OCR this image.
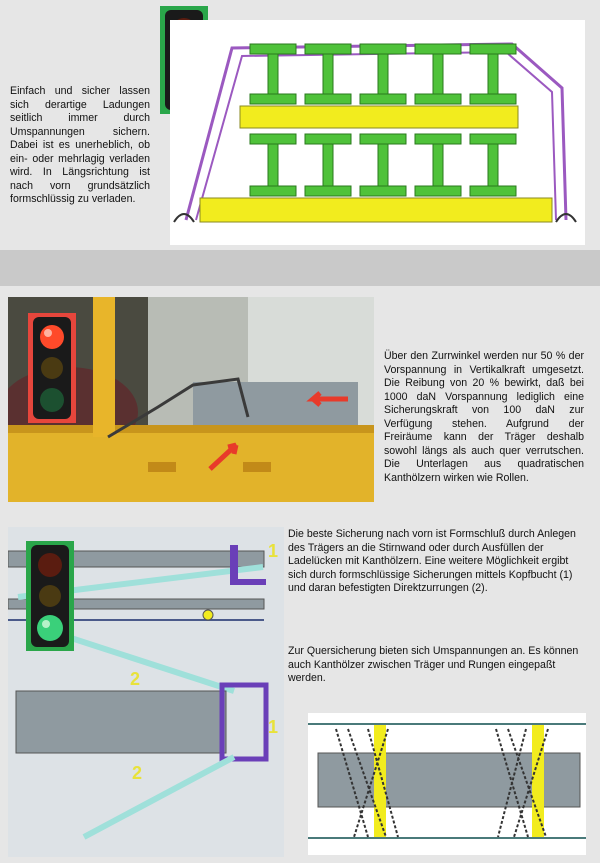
Einfach und sicher lassen sich derartige Ladungen seitlich immer durch Umspannungen sichern. Dabei ist es unerheblich, ob ein- oder mehrlagig verladen wird. In Längsrichtung ist nach vorn grundsätzlich formschlüssig zu verladen.
Über den Zurrwinkel werden nur 50 % der Vorspannung in Vertikalkraft umgesetzt. Die Reibung von 20 % bewirkt, daß bei 1000 daN Vorspannung lediglich eine Sicherungskraft von 100 daN zur Verfügung stehen. Aufgrund der Freiräume kann der Träger deshalb sowohl längs als auch quer verrutschen. Die Unterlagen aus quadratischen Kanthölzern wirken wie Rollen.
1
2
1
2
Die beste Sicherung nach vorn ist Formschluß durch Anlegen des Trägers an die Stirnwand oder durch Ausfüllen der Ladelücken mit Kanthölzern. Eine weitere Möglichkeit ergibt sich durch formschlüssige Sicherungen mittels Kopfbucht (1) und daran befestigten Direktzurrungen (2).
Zur Quersicherung bieten sich Umspannungen an. Es können auch Kanthölzer zwischen Träger und Rungen eingepaßt werden.
